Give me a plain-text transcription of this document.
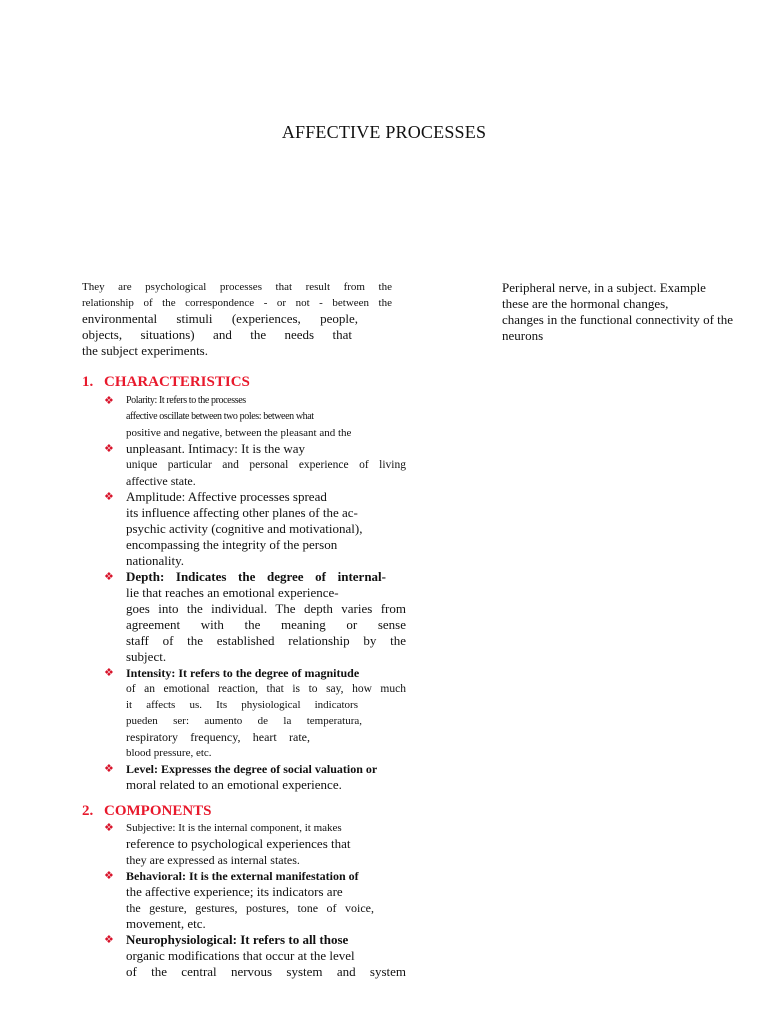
AFFECTIVE PROCESSES
They are psychological processes that result from the
relationship of the correspondence - or not - between the
environmental stimuli (experiences, people,
objects, situations) and the needs that
the subject experiments.
Peripheral nerve, in a subject. Example
these are the hormonal changes,
changes in the functional connectivity of the
neurons
1. CHARACTERISTICS
❖ Polarity: It refers to the processes
affective oscillate between two poles: between what
positive and negative, between the pleasant and the
❖ unpleasant. Intimacy: It is the way
unique particular and personal experience of living
affective state.
❖ Amplitude: Affective processes spread
its influence affecting other planes of the ac-
psychic activity (cognitive and motivational),
encompassing the integrity of the person
nationality.
❖ Depth: Indicates the degree of internal-
lie that reaches an emotional experience-
goes into the individual. The depth varies from
agreement with the meaning or sense
staff of the established relationship by the
subject.
❖ Intensity: It refers to the degree of magnitude
of an emotional reaction, that is to say, how much
it affects us. Its physiological indicators
pueden ser: aumento de la temperatura,
respiratory frequency, heart rate,
blood pressure, etc.
❖ Level: Expresses the degree of social valuation or
moral related to an emotional experience.
2. COMPONENTS
❖ Subjective: It is the internal component, it makes
reference to psychological experiences that
they are expressed as internal states.
❖ Behavioral: It is the external manifestation of
the affective experience; its indicators are
the gesture, gestures, postures, tone of voice,
movement, etc.
❖ Neurophysiological: It refers to all those
organic modifications that occur at the level
of the central nervous system and system
